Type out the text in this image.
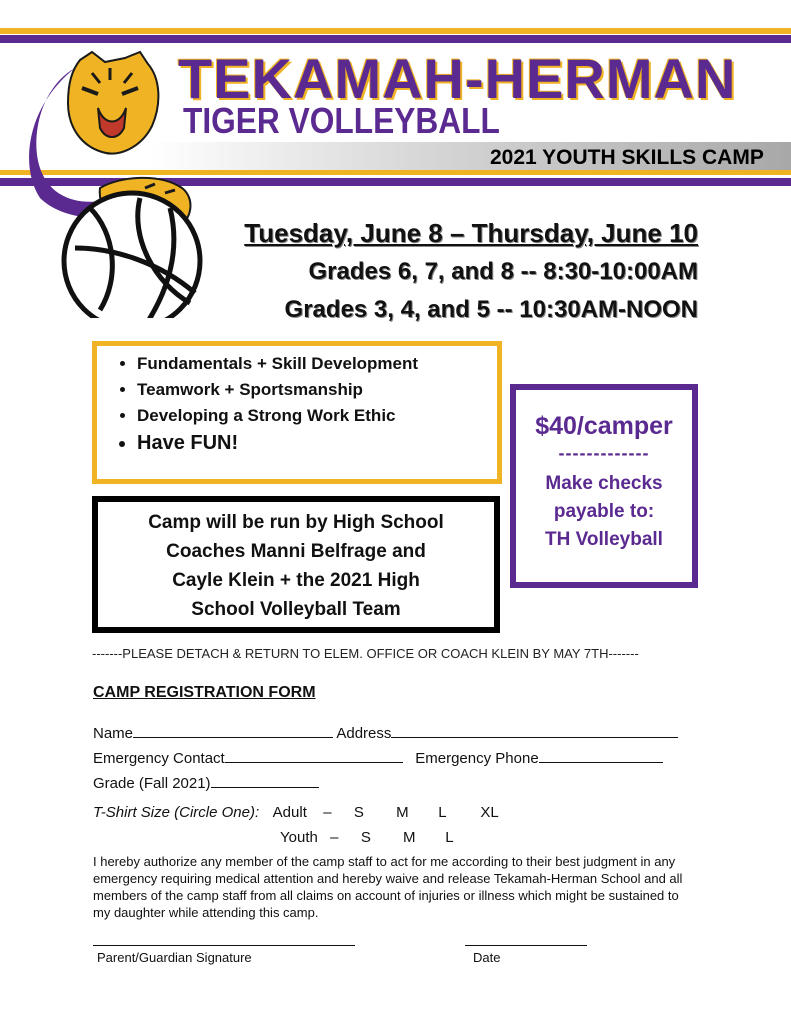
TEKAMAH-HERMAN
TIGER VOLLEYBALL
2021 YOUTH SKILLS CAMP
Tuesday, June 8 – Thursday, June 10
Grades 6, 7, and 8 -- 8:30-10:00AM
Grades 3, 4, and 5 -- 10:30AM-NOON
• Fundamentals + Skill Development
• Teamwork + Sportsmanship
• Developing a Strong Work Ethic
• Have FUN!
$40/camper
-------------
Make checks
payable to:
TH Volleyball
Camp will be run by High School
Coaches Manni Belfrage and
Cayle Klein + the 2021 High
School Volleyball Team
-------PLEASE DETACH & RETURN TO ELEM. OFFICE OR COACH KLEIN BY MAY 7TH-------
CAMP REGISTRATION FORM
Name	Address
Emergency Contact	Emergency Phone
Grade (Fall 2021)
T-Shirt Size (Circle One): Adult – S M L XL
Youth – S M L
I hereby authorize any member of the camp staff to act for me according to their best judgment in any emergency requiring medical attention and hereby waive and release Tekamah-Herman School and all members of the camp staff from all claims on account of injuries or illness which might be sustained to my daughter while attending this camp.
Parent/Guardian Signature	Date
